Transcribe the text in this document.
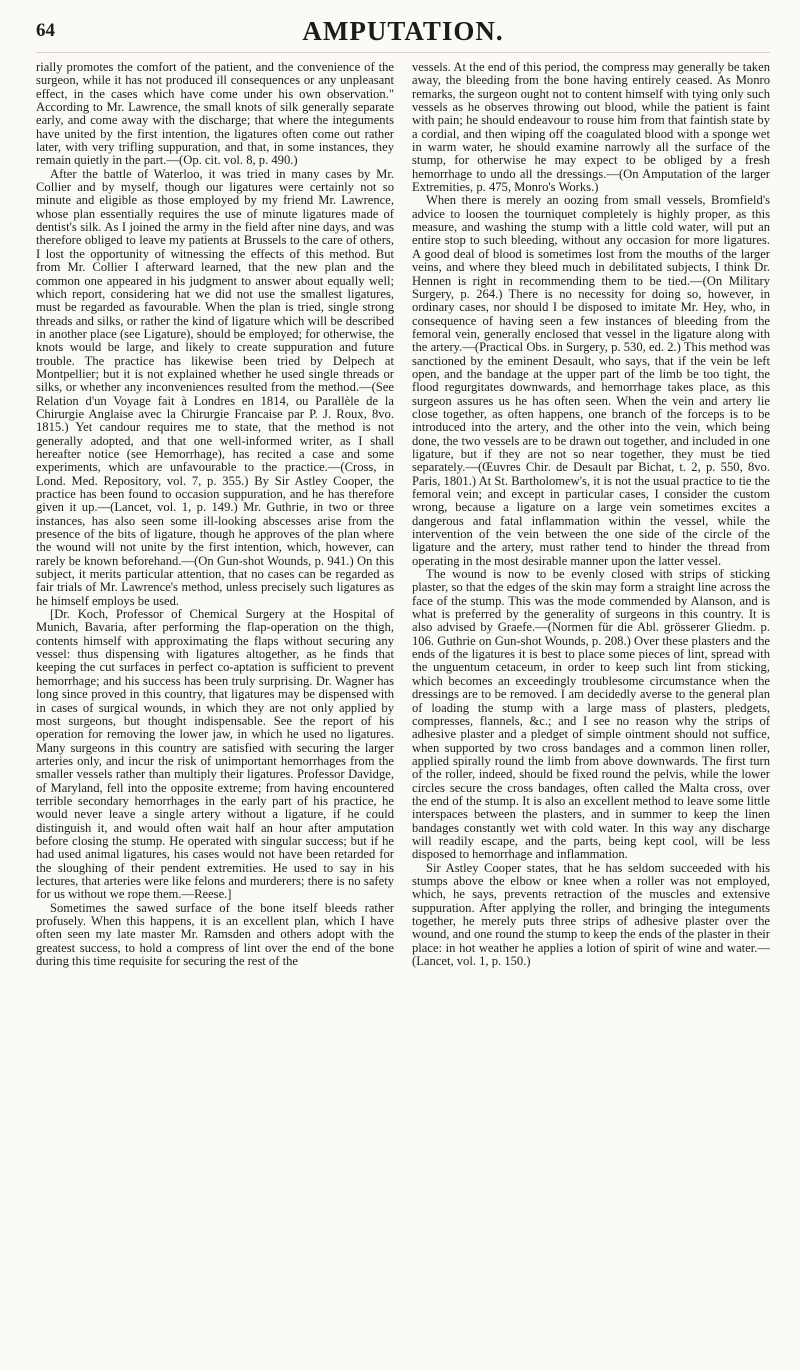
64	AMPUTATION.

rially promotes the comfort of the patient, and the convenience of the surgeon, while it has not produced ill consequences or any unpleasant effect, in the cases which have come under his own observation." According to Mr. Lawrence, the small knots of silk generally separate early, and come away with the discharge; that where the integuments have united by the first intention, the ligatures often come out rather later, with very trifling suppuration, and that, in some instances, they remain quietly in the part.—(Op. cit. vol. 8, p. 490.)

After the battle of Waterloo, it was tried in many cases by Mr. Collier and by myself, though our ligatures were certainly not so minute and eligible as those employed by my friend Mr. Lawrence, whose plan essentially requires the use of minute ligatures made of dentist's silk. As I joined the army in the field after nine days, and was therefore obliged to leave my patients at Brussels to the care of others, I lost the opportunity of witnessing the effects of this method. But from Mr. Collier I afterward learned, that the new plan and the common one appeared in his judgment to answer about equally well; which report, considering hat we did not use the smallest ligatures, must be regarded as favourable. When the plan is tried, single strong threads and silks, or rather the kind of ligature which will be described in another place (see Ligature), should be employed; for otherwise, the knots would be large, and likely to create suppuration and future trouble. The practice has likewise been tried by Delpech at Montpellier; but it is not explained whether he used single threads or silks, or whether any inconveniences resulted from the method.—(See Relation d'un Voyage fait à Londres en 1814, ou Parallèle de la Chirurgie Anglaise avec la Chirurgie Francaise par P. J. Roux, 8vo. 1815.) Yet candour requires me to state, that the method is not generally adopted, and that one well-informed writer, as I shall hereafter notice (see Hemorrhage), has recited a case and some experiments, which are unfavourable to the practice.—(Cross, in Lond. Med. Repository, vol. 7, p. 355.) By Sir Astley Cooper, the practice has been found to occasion suppuration, and he has therefore given it up.—(Lancet, vol. 1, p. 149.) Mr. Guthrie, in two or three instances, has also seen some ill-looking abscesses arise from the presence of the bits of ligature, though he approves of the plan where the wound will not unite by the first intention, which, however, can rarely be known beforehand.—(On Gun-shot Wounds, p. 941.) On this subject, it merits particular attention, that no cases can be regarded as fair trials of Mr. Lawrence's method, unless precisely such ligatures as he himself employs be used.

[Dr. Koch, Professor of Chemical Surgery at the Hospital of Munich, Bavaria, after performing the flap-operation on the thigh, contents himself with approximating the flaps without securing any vessel: thus dispensing with ligatures altogether, as he finds that keeping the cut surfaces in perfect co-aptation is sufficient to prevent hemorrhage; and his success has been truly surprising. Dr. Wagner has long since proved in this country, that ligatures may be dispensed with in cases of surgical wounds, in which they are not only applied by most surgeons, but thought indispensable. See the report of his operation for removing the lower jaw, in which he used no ligatures. Many surgeons in this country are satisfied with securing the larger arteries only, and incur the risk of unimportant hemorrhages from the smaller vessels rather than multiply their ligatures. Professor Davidge, of Maryland, fell into the opposite extreme; from having encountered terrible secondary hemorrhages in the early part of his practice, he would never leave a single artery without a ligature, if he could distinguish it, and would often wait half an hour after amputation before closing the stump. He operated with singular success; but if he had used animal ligatures, his cases would not have been retarded for the sloughing of their pendent extremities. He used to say in his lectures, that arteries were like felons and murderers; there is no safety for us without we rope them.—Reese.]

Sometimes the sawed surface of the bone itself bleeds rather profusely. When this happens, it is an excellent plan, which I have often seen my late master Mr. Ramsden and others adopt with the greatest success, to hold a compress of lint over the end of the bone during this time requisite for securing the rest of the

vessels. At the end of this period, the compress may generally be taken away, the bleeding from the bone having entirely ceased. As Monro remarks, the surgeon ought not to content himself with tying only such vessels as he observes throwing out blood, while the patient is faint with pain; he should endeavour to rouse him from that faintish state by a cordial, and then wiping off the coagulated blood with a sponge wet in warm water, he should examine narrowly all the surface of the stump, for otherwise he may expect to be obliged by a fresh hemorrhage to undo all the dressings.—(On Amputation of the larger Extremities, p. 475, Monro's Works.)

When there is merely an oozing from small vessels, Bromfield's advice to loosen the tourniquet completely is highly proper, as this measure, and washing the stump with a little cold water, will put an entire stop to such bleeding, without any occasion for more ligatures. A good deal of blood is sometimes lost from the mouths of the larger veins, and where they bleed much in debilitated subjects, I think Dr. Hennen is right in recommending them to be tied.—(On Military Surgery, p. 264.) There is no necessity for doing so, however, in ordinary cases, nor should I be disposed to imitate Mr. Hey, who, in consequence of having seen a few instances of bleeding from the femoral vein, generally enclosed that vessel in the ligature along with the artery.—(Practical Obs. in Surgery, p. 530, ed. 2.) This method was sanctioned by the eminent Desault, who says, that if the vein be left open, and the bandage at the upper part of the limb be too tight, the flood regurgitates downwards, and hemorrhage takes place, as this surgeon assures us he has often seen. When the vein and artery lie close together, as often happens, one branch of the forceps is to be introduced into the artery, and the other into the vein, which being done, the two vessels are to be drawn out together, and included in one ligature, but if they are not so near together, they must be tied separately.—(Œuvres Chir. de Desault par Bichat, t. 2, p. 550, 8vo. Paris, 1801.) At St. Bartholomew's, it is not the usual practice to tie the femoral vein; and except in particular cases, I consider the custom wrong, because a ligature on a large vein sometimes excites a dangerous and fatal inflammation within the vessel, while the intervention of the vein between the one side of the circle of the ligature and the artery, must rather tend to hinder the thread from operating in the most desirable manner upon the latter vessel.

The wound is now to be evenly closed with strips of sticking plaster, so that the edges of the skin may form a straight line across the face of the stump. This was the mode commended by Alanson, and is what is preferred by the generality of surgeons in this country. It is also advised by Graefe.—(Normen für die Abl. grösserer Gliedm. p. 106. Guthrie on Gun-shot Wounds, p. 208.) Over these plasters and the ends of the ligatures it is best to place some pieces of lint, spread with the unguentum cetaceum, in order to keep such lint from sticking, which becomes an exceedingly troublesome circumstance when the dressings are to be removed. I am decidedly averse to the general plan of loading the stump with a large mass of plasters, pledgets, compresses, flannels, &c.; and I see no reason why the strips of adhesive plaster and a pledget of simple ointment should not suffice, when supported by two cross bandages and a common linen roller, applied spirally round the limb from above downwards. The first turn of the roller, indeed, should be fixed round the pelvis, while the lower circles secure the cross bandages, often called the Malta cross, over the end of the stump. It is also an excellent method to leave some little interspaces between the plasters, and in summer to keep the linen bandages constantly wet with cold water. In this way any discharge will readily escape, and the parts, being kept cool, will be less disposed to hemorrhage and inflammation.

Sir Astley Cooper states, that he has seldom succeeded with his stumps above the elbow or knee when a roller was not employed, which, he says, prevents retraction of the muscles and extensive suppuration. After applying the roller, and bringing the integuments together, he merely puts three strips of adhesive plaster over the wound, and one round the stump to keep the ends of the plaster in their place: in hot weather he applies a lotion of spirit of wine and water.—(Lancet, vol. 1, p. 150.)
